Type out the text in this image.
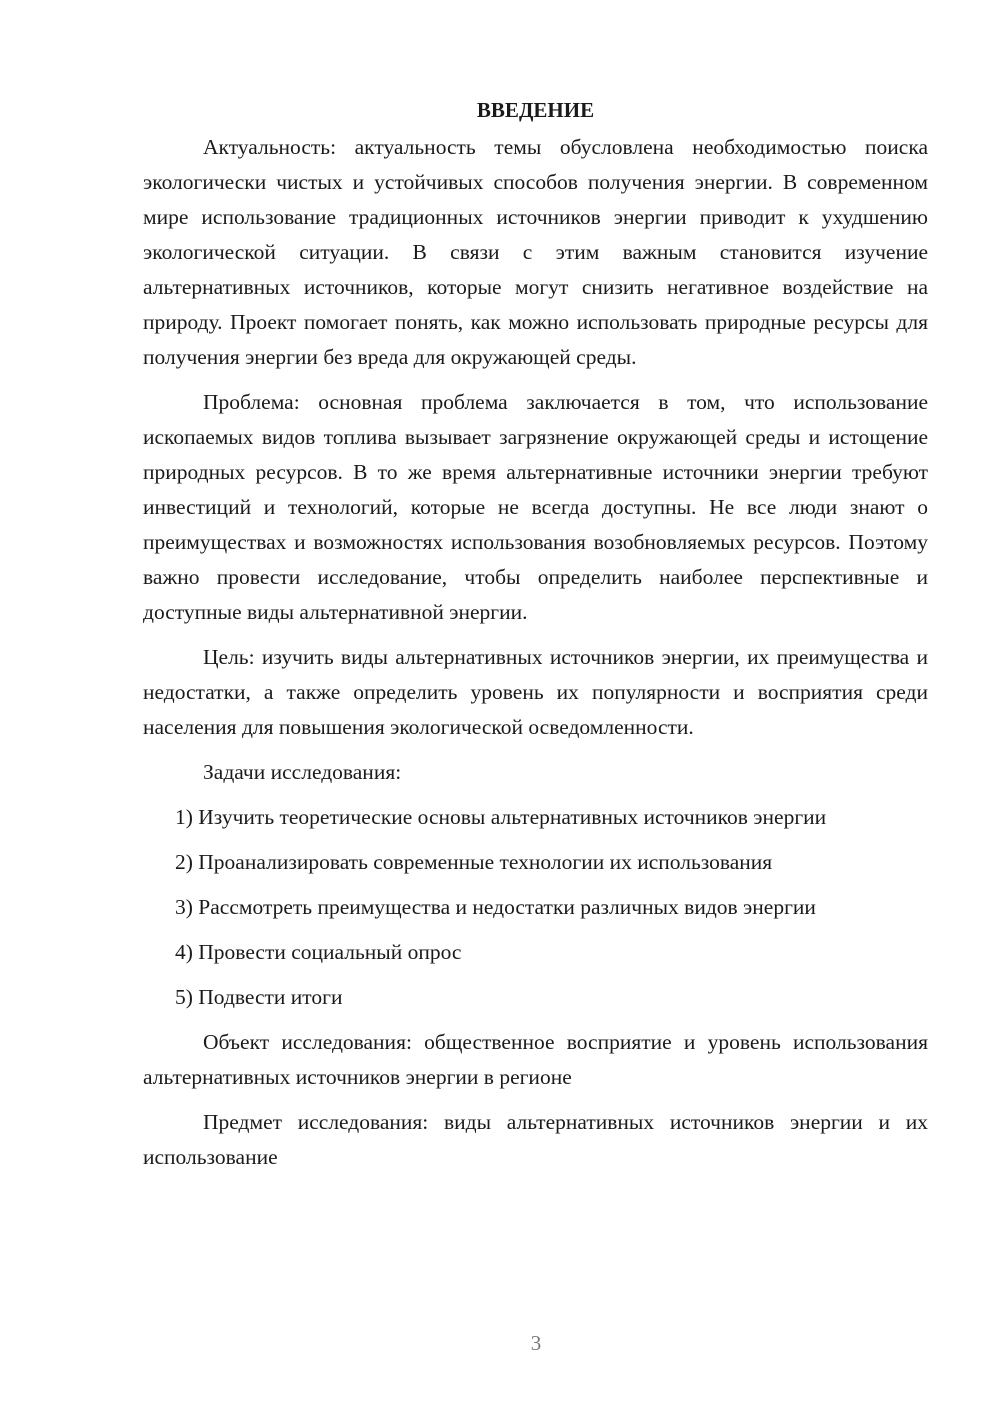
ВВЕДЕНИЕ

Актуальность: актуальность темы обусловлена необходимостью поиска экологически чистых и устойчивых способов получения энергии. В современном мире использование традиционных источников энергии приводит к ухудшению экологической ситуации. В связи с этим важным становится изучение альтернативных источников, которые могут снизить негативное воздействие на природу. Проект помогает понять, как можно использовать природные ресурсы для получения энергии без вреда для окружающей среды.

Проблема: основная проблема заключается в том, что использование ископаемых видов топлива вызывает загрязнение окружающей среды и истощение природных ресурсов. В то же время альтернативные источники энергии требуют инвестиций и технологий, которые не всегда доступны. Не все люди знают о преимуществах и возможностях использования возобновляемых ресурсов. Поэтому важно провести исследование, чтобы определить наиболее перспективные и доступные виды альтернативной энергии.

Цель: изучить виды альтернативных источников энергии, их преимущества и недостатки, а также определить уровень их популярности и восприятия среди населения для повышения экологической осведомленности.

Задачи исследования:

1) Изучить теоретические основы альтернативных источников энергии

2) Проанализировать современные технологии их использования

3) Рассмотреть преимущества и недостатки различных видов энергии

4) Провести социальный опрос

5) Подвести итоги

Объект исследования: общественное восприятие и уровень использования альтернативных источников энергии в регионе

Предмет исследования: виды альтернативных источников энергии и их использование

3
